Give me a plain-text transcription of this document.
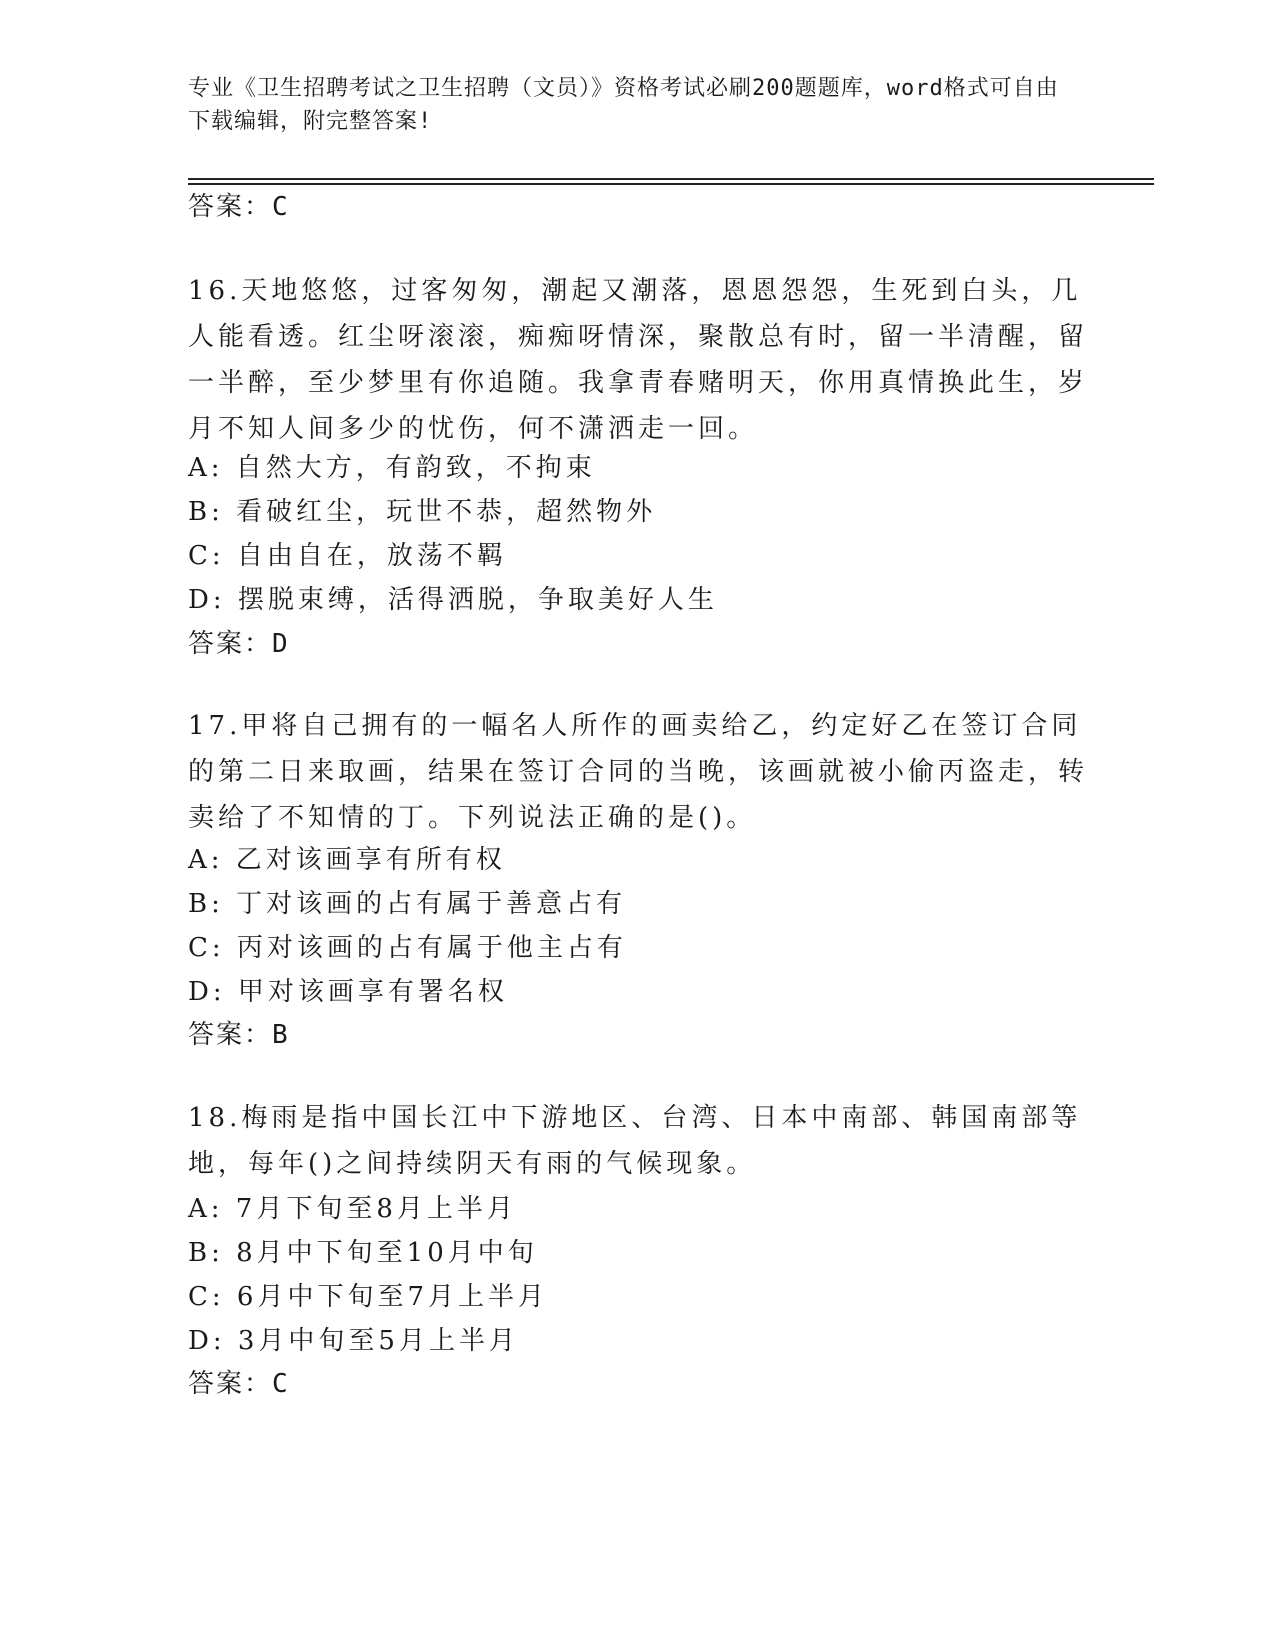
专业《卫生招聘考试之卫生招聘（文员）》资格考试必刷200题题库，word格式可自由下载编辑，附完整答案!
答案：C
16.天地悠悠，过客匆匆，潮起又潮落，恩恩怨怨，生死到白头，几人能看透。红尘呀滚滚，痴痴呀情深，聚散总有时，留一半清醒，留一半醉，至少梦里有你追随。我拿青春赌明天，你用真情换此生，岁月不知人间多少的忧伤，何不潇洒走一回。
A: 自然大方，有韵致，不拘束
B: 看破红尘，玩世不恭，超然物外
C: 自由自在，放荡不羁
D: 摆脱束缚，活得洒脱，争取美好人生
答案：D
17.甲将自己拥有的一幅名人所作的画卖给乙，约定好乙在签订合同的第二日来取画，结果在签订合同的当晚，该画就被小偷丙盗走，转卖给了不知情的丁。下列说法正确的是()。
A: 乙对该画享有所有权
B: 丁对该画的占有属于善意占有
C: 丙对该画的占有属于他主占有
D: 甲对该画享有署名权
答案：B
18.梅雨是指中国长江中下游地区、台湾、日本中南部、韩国南部等地，每年()之间持续阴天有雨的气候现象。
A: 7月下旬至8月上半月
B: 8月中下旬至10月中旬
C: 6月中下旬至7月上半月
D: 3月中旬至5月上半月
答案：C
